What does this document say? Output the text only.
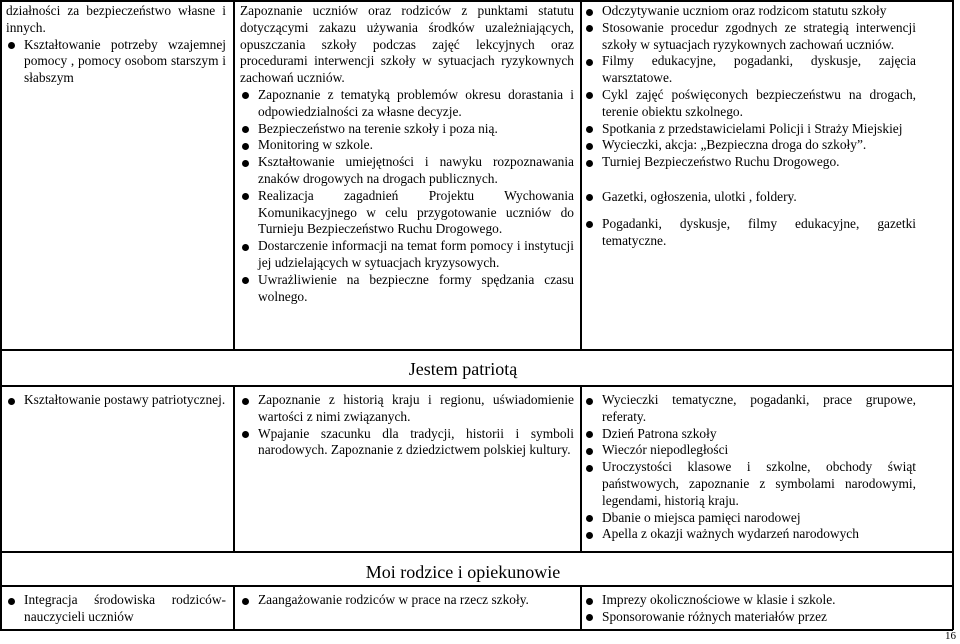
działności za bezpieczeństwo własne i innych.
Kształtowanie potrzeby wzajemnej pomocy , pomocy osobom starszym i słabszym
Zapoznanie uczniów oraz rodziców z punktami statutu dotyczącymi zakazu używania środków uzależniających, opuszczania szkoły podczas zajęć lekcyjnych oraz procedurami interwencji szkoły w sytuacjach ryzykownych zachowań uczniów.
Zapoznanie z tematyką problemów okresu dorastania i odpowiedzialności za własne decyzje.
Bezpieczeństwo na terenie szkoły i poza nią.
Monitoring w szkole.
Kształtowanie umiejętności i nawyku rozpoznawania znaków drogowych na drogach publicznych.
Realizacja zagadnień Projektu Wychowania Komunikacyjnego w celu przygotowanie uczniów do Turnieju Bezpieczeństwo Ruchu Drogowego.
Dostarczenie informacji na temat form pomocy i instytucji jej udzielających w sytuacjach kryzysowych.
Uwrażliwienie na bezpieczne formy spędzania czasu wolnego.
Odczytywanie uczniom oraz rodzicom statutu szkoły
Stosowanie procedur zgodnych ze strategią interwencji szkoły w sytuacjach ryzykownych zachowań uczniów.
Filmy edukacyjne, pogadanki, dyskusje, zajęcia warsztatowe.
Cykl zajęć poświęconych bezpieczeństwu na drogach, terenie obiektu szkolnego.
Spotkania z przedstawicielami Policji i Straży Miejskiej
Wycieczki, akcja: „Bezpieczna droga do szkoły”.
Turniej Bezpieczeństwo Ruchu Drogowego.
Gazetki, ogłoszenia, ulotki , foldery.
Pogadanki, dyskusje, filmy edukacyjne, gazetki tematyczne.
Jestem patriotą
Kształtowanie postawy patriotycznej.	Zapoznanie z historią kraju i regionu, uświadomienie wartości z nimi związanych.
Wpajanie szacunku dla tradycji, historii i symboli narodowych. Zapoznanie z dziedzictwem polskiej kultury.
Wycieczki tematyczne, pogadanki, prace grupowe, referaty.
Dzień Patrona szkoły
Wieczór niepodległości
Uroczystości klasowe i szkolne, obchody świąt państwowych, zapoznanie z symbolami narodowymi, legendami, historią kraju.
Dbanie o miejsca pamięci narodowej
Apella z okazji ważnych wydarzeń narodowych
Moi rodzice i opiekunowie
Integracja środowiska rodziców- nauczycieli uczniów
Zaangażowanie rodziców w prace na rzecz szkoły.	Imprezy okolicznościowe w klasie i szkole.
Sponsorowanie różnych materiałów przez
16
